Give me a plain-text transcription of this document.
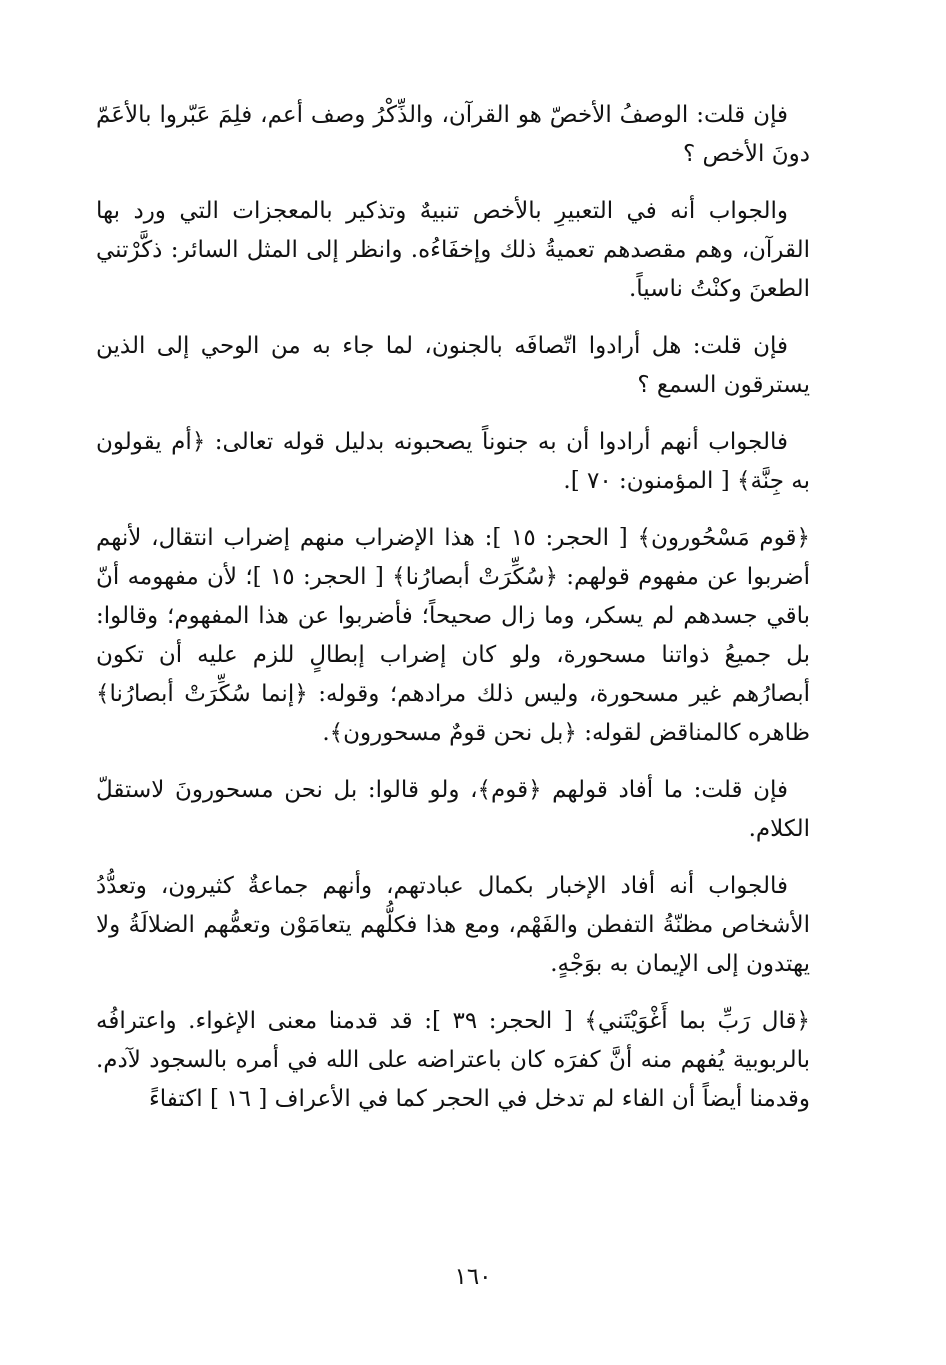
فإن قلت: الوصفُ الأخصّ هو القرآن، والذِّكْرُ وصف أعم، فلِمَ عَبّروا بالأعَمّ دونَ الأخص ؟

والجواب أنه في التعبيرِ بالأخص تنبيهٌ وتذكير بالمعجزات التي ورد بها القرآن، وهم مقصدهم تعميةُ ذلك وإخفَاءُه. وانظر إلى المثل السائر: ذكَّرْتني الطعنَ وكنْتُ ناسياً.

فإن قلت: هل أرادوا اتّصافَه بالجنون، لما جاء به من الوحي إلى الذين يسترقون السمع ؟

فالجواب أنهم أرادوا أن به جنوناً يصحبونه بدليل قوله تعالى: ﴿أم يقولون به جِنَّة﴾ [ المؤمنون: ٧٠ ].

﴿قوم مَسْحُورون﴾ [ الحجر: ١٥ ]: هذا الإضراب منهم إضراب انتقال، لأنهم أضربوا عن مفهوم قولهم: ﴿سُكِّرَتْ أبصارُنا﴾ [ الحجر: ١٥ ]؛ لأن مفهومه أنّ باقي جسدهم لم يسكر، وما زال صحيحاً؛ فأضربوا عن هذا المفهوم؛ وقالوا: بل جميعُ ذواتنا مسحورة، ولو كان إضراب إبطالٍ للزم عليه أن تكون أبصارُهم غير مسحورة، وليس ذلك مرادهم؛ وقوله: ﴿إنما سُكِّرَتْ أبصارُنا﴾ ظاهره كالمناقض لقوله: ﴿بل نحن قومٌ مسحورون﴾.

فإن قلت: ما أفاد قولهم ﴿قوم﴾، ولو قالوا: بل نحن مسحورونَ لاستقلّ الكلام.

فالجواب أنه أفاد الإخبار بكمال عبادتهم، وأنهم جماعةٌ كثيرون، وتعدُّدُ الأشخاص مظنّةُ التفطن والفَهْم، ومع هذا فكلُّهم يتعامَوْن وتعمُّهم الضلالَةُ ولا يهتدون إلى الإيمان به بوَجْهٍ.

﴿قال رَبِّ بما أَغْوَيْتَني﴾ [ الحجر: ٣٩ ]: قد قدمنا معنى الإغواء. واعترافُه بالربوبية يُفهم منه أنَّ كفرَه كان باعتراضه على الله في أمره بالسجود لآدم. وقدمنا أيضاً أن الفاء لم تدخل في الحجر كما في الأعراف [ ١٦ ] اكتفاءً

١٦٠
